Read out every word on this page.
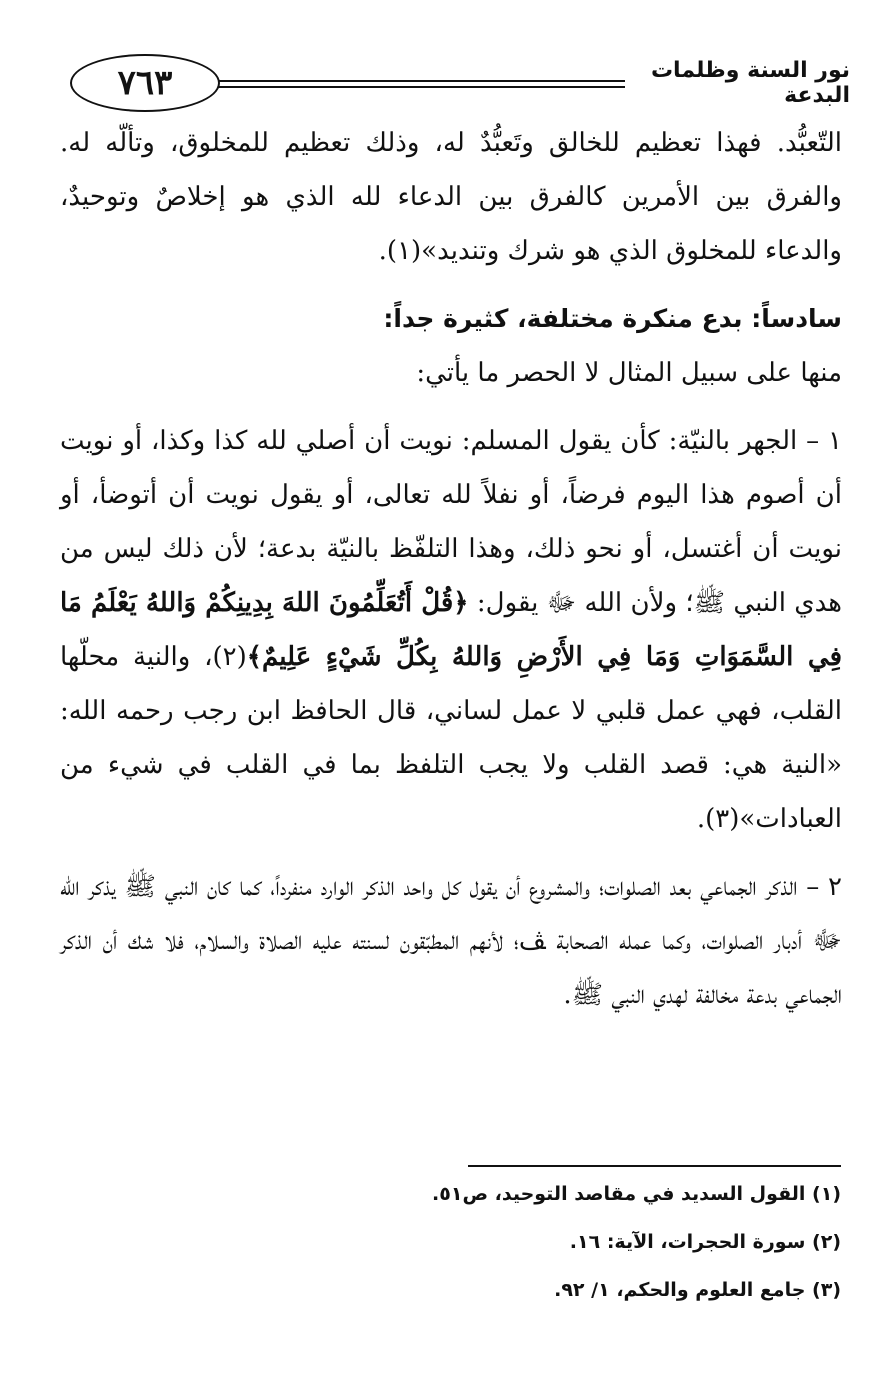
٧٦٣	نور السنة وظلمات البدعة

التّعبُّد. فهذا تعظيم للخالق وتَعبُّدٌ له، وذلك تعظيم للمخلوق، وتألّه له. والفرق بين الأمرين كالفرق بين الدعاء لله الذي هو إخلاصٌ وتوحيدٌ، والدعاء للمخلوق الذي هو شرك وتنديد»(١).

سادساً: بدع منكرة مختلفة، كثيرة جداً:

منها على سبيل المثال لا الحصر ما يأتي:

١ – الجهر بالنيّة: كأن يقول المسلم: نويت أن أصلي لله كذا وكذا، أو نويت أن أصوم هذا اليوم فرضاً، أو نفلاً لله تعالى، أو يقول نويت أن أتوضأ، أو نويت أن أغتسل، أو نحو ذلك، وهذا التلفّظ بالنيّة بدعة؛ لأن ذلك ليس من هدي النبي ﷺ؛ ولأن الله ﷻ يقول: ﴿قُلْ أَتُعَلِّمُونَ اللهَ بِدِينِكُمْ وَاللهُ يَعْلَمُ مَا فِي السَّمَوَاتِ وَمَا فِي الأَرْضِ وَاللهُ بِكُلِّ شَيْءٍ عَلِيمٌ﴾(٢)، والنية محلّها القلب، فهي عمل قلبي لا عمل لساني، قال الحافظ ابن رجب رحمه الله: «النية هي: قصد القلب ولا يجب التلفظ بما في القلب في شيء من العبادات»(٣).

٢ – الذكر الجماعي بعد الصلوات؛ والمشروع أن يقول كل واحد الذكر الوارد منفرداً، كما كان النبي ﷺ يذكر الله ﷻ أدبار الصلوات، وكما عمله الصحابة ﭫ؛ لأنهم المطبّقون لسنته عليه الصلاة والسلام، فلا شك أن الذكر الجماعي بدعة مخالفة لهدي النبي ﷺ.

(١) القول السديد في مقاصد التوحيد، ص٥١.
(٢) سورة الحجرات، الآية: ١٦.
(٣) جامع العلوم والحكم، ١/ ٩٢.
